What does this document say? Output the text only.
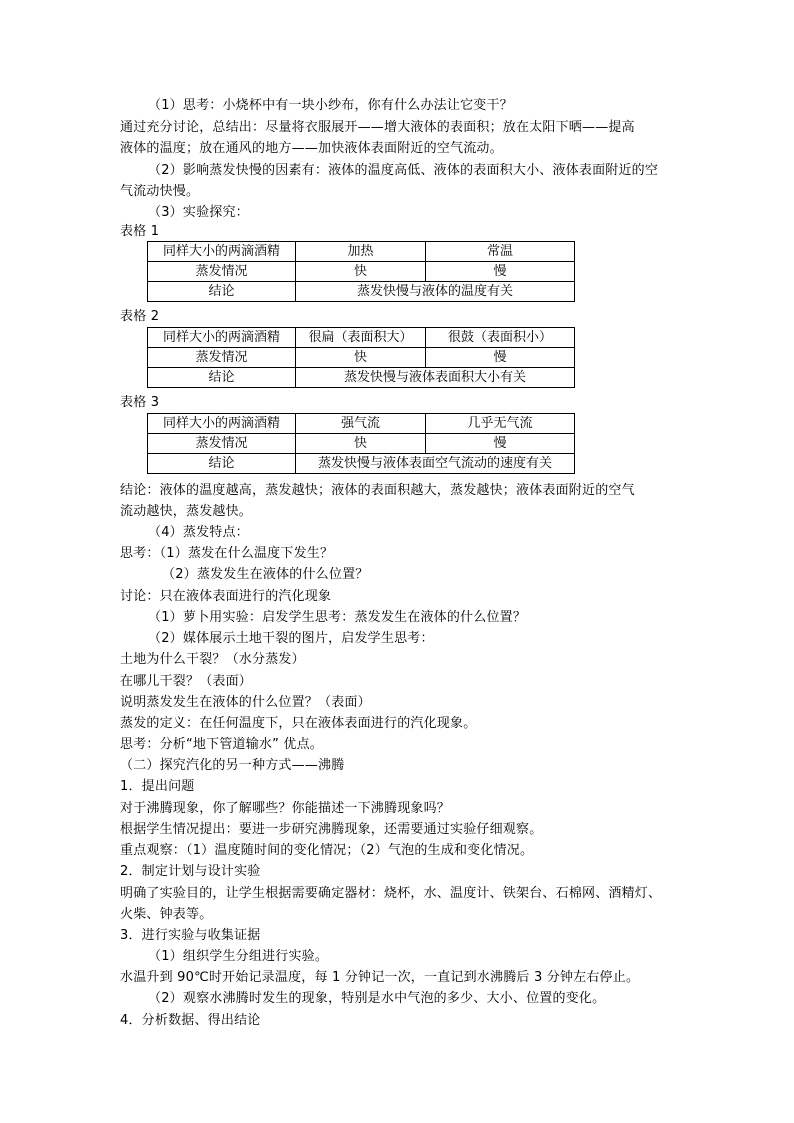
（1）思考：小烧杯中有一块小纱布，你有什么办法让它变干？
通过充分讨论，总结出：尽量将衣服展开——增大液体的表面积；放在太阳下晒——提高
液体的温度；放在通风的地方——加快液体表面附近的空气流动。
（2）影响蒸发快慢的因素有：液体的温度高低、液体的表面积大小、液体表面附近的空
气流动快慢。
（3）实验探究：
表格 1
同样大小的两滴酒精	加热	常温
蒸发情况	快	慢
结论	蒸发快慢与液体的温度有关	
表格 2
同样大小的两滴酒精	很扁（表面积大）	很鼓（表面积小）
蒸发情况	快	慢
结论	蒸发快慢与液体表面积大小有关	
表格 3
同样大小的两滴酒精	强气流	几乎无气流
蒸发情况	快	慢
结论	蒸发快慢与液体表面空气流动的速度有关	
结论：液体的温度越高，蒸发越快；液体的表面积越大，蒸发越快；液体表面附近的空气
流动越快，蒸发越快。
（4）蒸发特点：
思考：（1）蒸发在什么温度下发生？
（2）蒸发发生在液体的什么位置？
讨论：只在液体表面进行的汽化现象
（1）萝卜用实验：启发学生思考：蒸发发生在液体的什么位置？
（2）媒体展示土地干裂的图片，启发学生思考：
土地为什么干裂？（水分蒸发）
在哪儿干裂？（表面）
说明蒸发发生在液体的什么位置？（表面）
蒸发的定义：在任何温度下，只在液体表面进行的汽化现象。
思考：分析“地下管道输水” 优点。
（二）探究汽化的另一种方式——沸腾
1．提出问题
对于沸腾现象，你了解哪些？你能描述一下沸腾现象吗？
根据学生情况提出：要进一步研究沸腾现象，还需要通过实验仔细观察。
重点观察：（1）温度随时间的变化情况；（2）气泡的生成和变化情况。
2．制定计划与设计实验
明确了实验目的，让学生根据需要确定器材：烧杯，水、温度计、铁架台、石棉网、酒精灯、
火柴、钟表等。
3．进行实验与收集证据
（1）组织学生分组进行实验。
水温升到 90℃时开始记录温度，每 1 分钟记一次，一直记到水沸腾后 3 分钟左右停止。
（2）观察水沸腾时发生的现象，特别是水中气泡的多少、大小、位置的变化。
4．分析数据、得出结论
